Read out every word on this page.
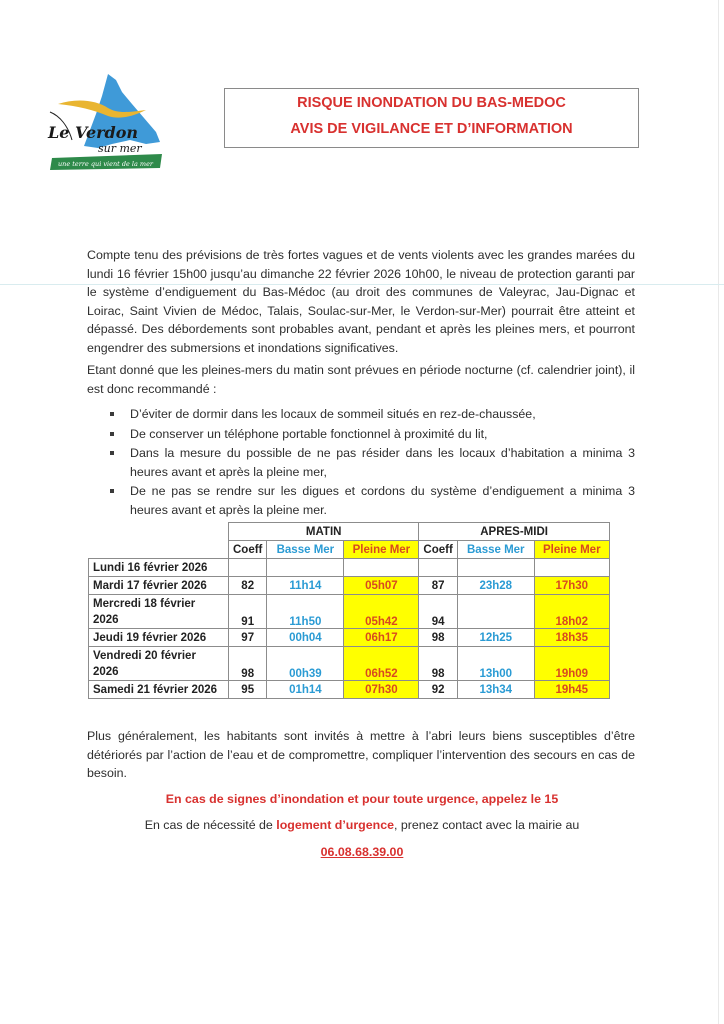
Le Verdon
sur mer
une terre qui vient de la mer
RISQUE INONDATION DU BAS-MEDOC
AVIS DE VIGILANCE ET D’INFORMATION
Compte tenu des prévisions de très fortes vagues et de vents violents avec les grandes marées du lundi 16 février 15h00 jusqu’au dimanche 22 février 2026 10h00, le niveau de protection garanti par le système d’endiguement du Bas-Médoc (au droit des communes de Valeyrac, Jau-Dignac et Loirac, Saint Vivien de Médoc, Talais, Soulac-sur-Mer, le Verdon-sur-Mer) pourrait être atteint et dépassé. Des débordements sont probables avant, pendant et après les pleines mers, et pourront engendrer des submersions et inondations significatives.
Etant donné que les pleines-mers du matin sont prévues en période nocturne (cf. calendrier joint), il est donc recommandé :
D’éviter de dormir dans les locaux de sommeil situés en rez-de-chaussée,
De conserver un téléphone portable fonctionnel à proximité du lit,
Dans la mesure du possible de ne pas résider dans les locaux d’habitation a minima 3 heures avant et après la pleine mer,
De ne pas se rendre sur les digues et cordons du système d’endiguement a minima 3 heures avant et après la pleine mer.
	MATIN			APRES-MIDI		
	Coeff	Basse Mer	Pleine Mer	Coeff	Basse Mer	Pleine Mer
Lundi 16 février 2026						
Mardi 17 février 2026	82	11h14	05h07	87	23h28	17h30
Mercredi 18 février
2026	91	11h50	05h42	94		18h02
Jeudi 19 février 2026	97	00h04	06h17	98	12h25	18h35
Vendredi 20 février
2026	98	00h39	06h52	98	13h00	19h09
Samedi 21 février 2026	95	01h14	07h30	92	13h34	19h45
Plus généralement, les habitants sont invités à mettre à l’abri leurs biens susceptibles d’être détériorés par l’action de l’eau et de compromettre, compliquer l’intervention des secours en cas de besoin.
En cas de signes d’inondation et pour toute urgence, appelez le 15
En cas de nécessité de logement d’urgence, prenez contact avec la mairie au
06.08.68.39.00
